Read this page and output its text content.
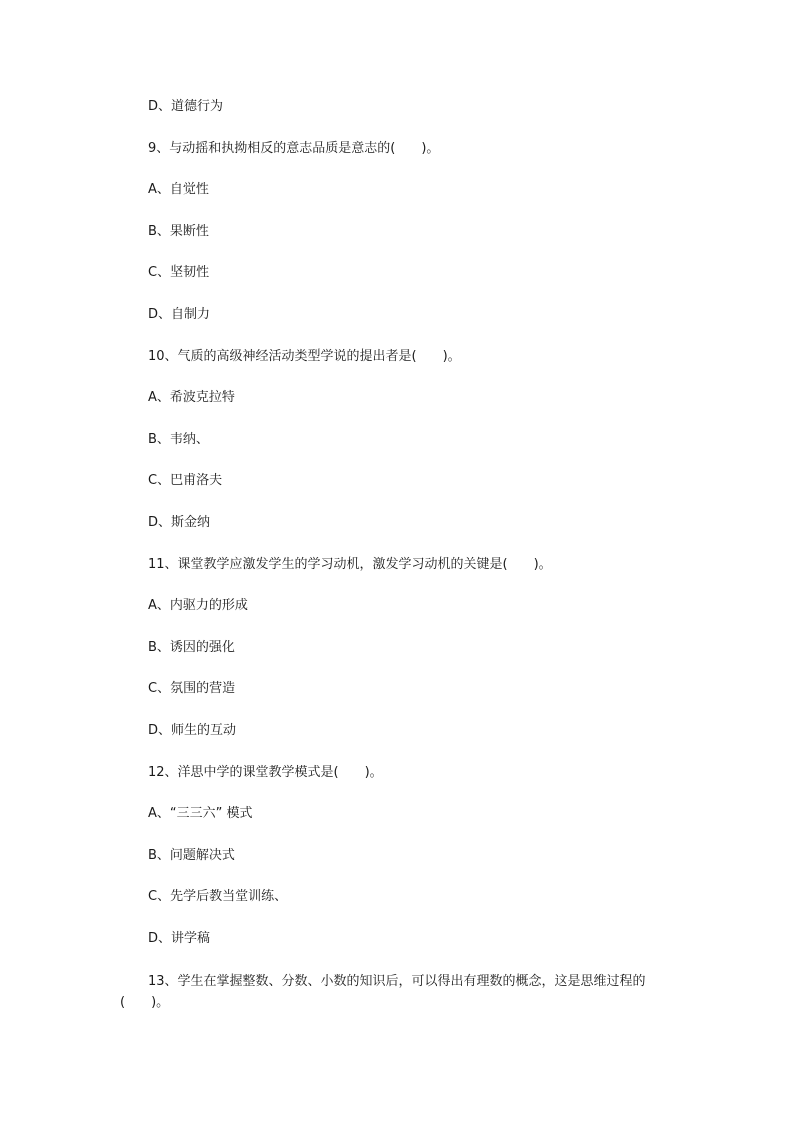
D、道德行为
9、与动摇和执拗相反的意志品质是意志的(　　)。
A、自觉性
B、果断性
C、坚韧性
D、自制力
10、气质的高级神经活动类型学说的提出者是(　　)。
A、希波克拉特
B、韦纳、
C、巴甫洛夫
D、斯金纳
11、课堂教学应激发学生的学习动机，激发学习动机的关键是(　　)。
A、内驱力的形成
B、诱因的强化
C、氛围的营造
D、师生的互动
12、洋思中学的课堂教学模式是(　　)。
A、“三三六” 模式
B、问题解决式
C、先学后教当堂训练、
D、讲学稿
13、学生在掌握整数、分数、小数的知识后，可以得出有理数的概念，这是思维过程的(　　)。
